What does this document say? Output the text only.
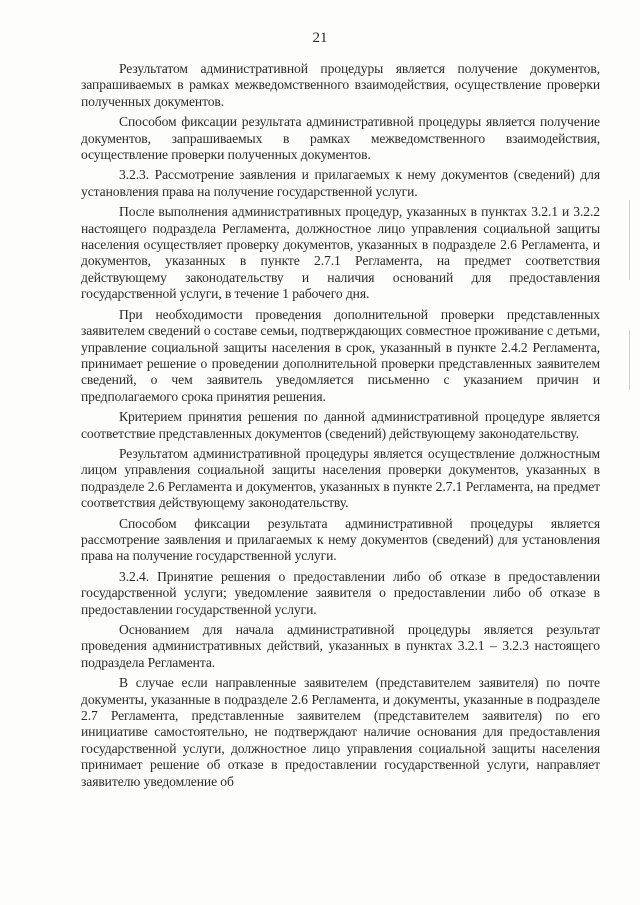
21

Результатом административной процедуры является получение документов, запрашиваемых в рамках межведомственного взаимодействия, осуществление проверки полученных документов.

Способом фиксации результата административной процедуры является получение документов, запрашиваемых в рамках межведомственного взаимодействия, осуществление проверки полученных документов.

3.2.3. Рассмотрение заявления и прилагаемых к нему документов (сведений) для установления права на получение государственной услуги.

После выполнения административных процедур, указанных в пунктах 3.2.1 и 3.2.2 настоящего подраздела Регламента, должностное лицо управления социальной защиты населения осуществляет проверку документов, указанных в подразделе 2.6 Регламента, и документов, указанных в пункте 2.7.1 Регламента, на предмет соответствия действующему законодательству и наличия оснований для предоставления государственной услуги, в течение 1 рабочего дня.

При необходимости проведения дополнительной проверки представленных заявителем сведений о составе семьи, подтверждающих совместное проживание с детьми, управление социальной защиты населения в срок, указанный в пункте 2.4.2 Регламента, принимает решение о проведении дополнительной проверки представленных заявителем сведений, о чем заявитель уведомляется письменно с указанием причин и предполагаемого срока принятия решения.

Критерием принятия решения по данной административной процедуре является соответствие представленных документов (сведений) действующему законодательству.

Результатом административной процедуры является осуществление должностным лицом управления социальной защиты населения проверки документов, указанных в подразделе 2.6 Регламента и документов, указанных в пункте 2.7.1 Регламента, на предмет соответствия действующему законодательству.

Способом фиксации результата административной процедуры является рассмотрение заявления и прилагаемых к нему документов (сведений) для установления права на получение государственной услуги.

3.2.4. Принятие решения о предоставлении либо об отказе в предоставлении государственной услуги; уведомление заявителя о предоставлении либо об отказе в предоставлении государственной услуги.

Основанием для начала административной процедуры является результат проведения административных действий, указанных в пунктах 3.2.1 – 3.2.3 настоящего подраздела Регламента.

В случае если направленные заявителем (представителем заявителя) по почте документы, указанные в подразделе 2.6 Регламента, и документы, указанные в подразделе 2.7 Регламента, представленные заявителем (представителем заявителя) по его инициативе самостоятельно, не подтверждают наличие основания для предоставления государственной услуги, должностное лицо управления социальной защиты населения принимает решение об отказе в предоставлении государственной услуги, направляет заявителю уведомление об
